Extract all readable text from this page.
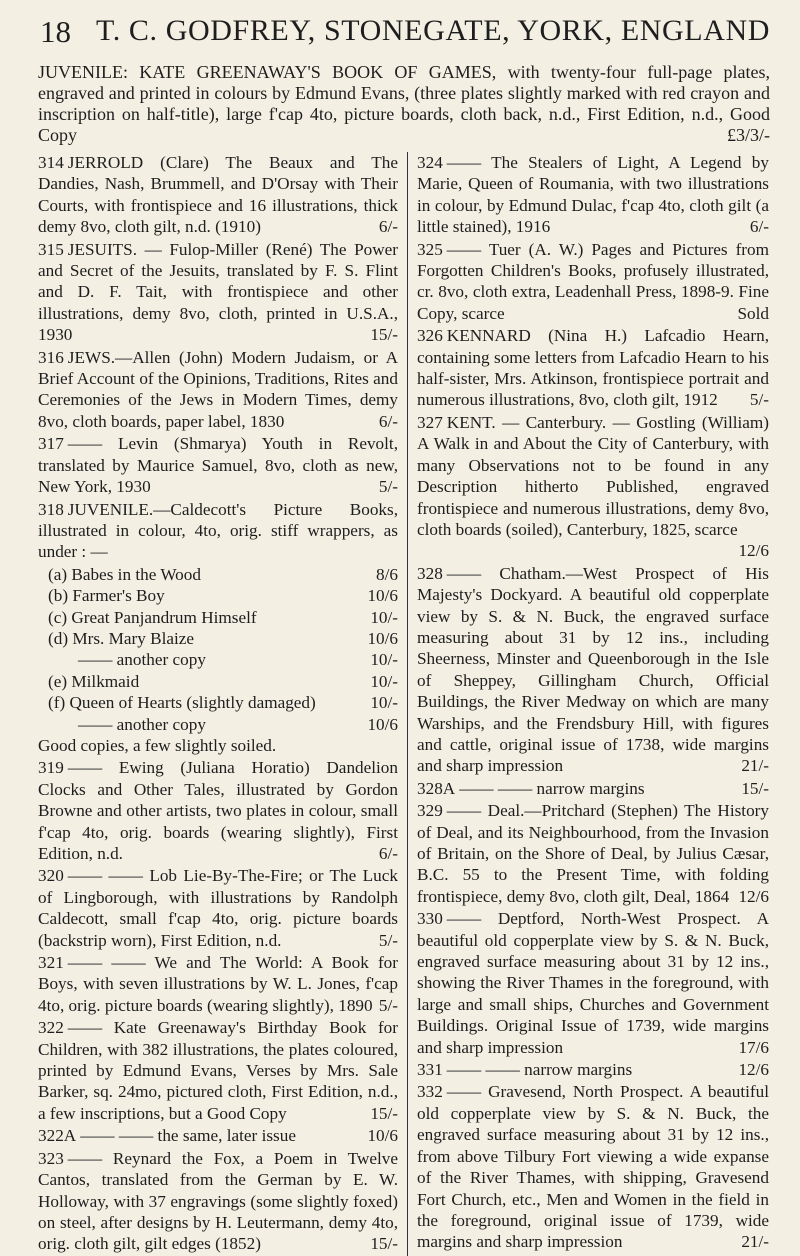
18 T. C. GODFREY, STONEGATE, YORK, ENGLAND
JUVENILE: KATE GREENAWAY'S BOOK OF GAMES, with twenty-four full-page plates, engraved and printed in colours by Edmund Evans, (three plates slightly marked with red crayon and inscription on half-title), large f'cap 4to, picture boards, cloth back, n.d., First Edition, n.d., Good Copy	£3/3/-
314 JERROLD (Clare) The Beaux and The Dandies, Nash, Brummell, and D'Orsay with Their Courts, with frontispiece and 16 illustrations, thick demy 8vo, cloth gilt, n.d. (1910)	6/-
315 JESUITS. — Fulop-Miller (René) The Power and Secret of the Jesuits, translated by F. S. Flint and D. F. Tait, with frontispiece and other illustrations, demy 8vo, cloth, printed in U.S.A., 1930	15/-
316 JEWS.—Allen (John) Modern Judaism, or A Brief Account of the Opinions, Traditions, Rites and Ceremonies of the Jews in Modern Times, demy 8vo, cloth boards, paper label, 1830	6/-
317 —— Levin (Shmarya) Youth in Revolt, translated by Maurice Samuel, 8vo, cloth as new, New York, 1930	5/-
318 JUVENILE.—Caldecott's Picture Books, illustrated in colour, 4to, orig. stiff wrappers, as under : —
(a) Babes in the Wood	8/6
(b) Farmer's Boy	10/6
(c) Great Panjandrum Himself	10/-
(d) Mrs. Mary Blaize	10/6
—— another copy	10/-
(e) Milkmaid	10/-
(f) Queen of Hearts (slightly damaged)	10/-
—— another copy	10/6
Good copies, a few slightly soiled.
319 —— Ewing (Juliana Horatio) Dandelion Clocks and Other Tales, illustrated by Gordon Browne and other artists, two plates in colour, small f'cap 4to, orig. boards (wearing slightly), First Edition, n.d.	6/-
320 —— —— Lob Lie-By-The-Fire; or The Luck of Lingborough, with illustrations by Randolph Caldecott, small f'cap 4to, orig. picture boards (backstrip worn), First Edition, n.d.	5/-
321 —— —— We and The World: A Book for Boys, with seven illustrations by W. L. Jones, f'cap 4to, orig. picture boards (wearing slightly), 1890 5/-
322 —— Kate Greenaway's Birthday Book for Children, with 382 illustrations, the plates coloured, printed by Edmund Evans, Verses by Mrs. Sale Barker, sq. 24mo, pictured cloth, First Edition, n.d., a few inscriptions, but a Good Copy	15/-
322A —— —— the same, later issue	10/6
323 —— Reynard the Fox, a Poem in Twelve Cantos, translated from the German by E. W. Holloway, with 37 engravings (some slightly foxed) on steel, after designs by H. Leutermann, demy 4to, orig. cloth gilt, gilt edges (1852)	15/-
324 —— The Stealers of Light, A Legend by Marie, Queen of Roumania, with two illustrations in colour, by Edmund Dulac, f'cap 4to, cloth gilt (a little stained), 1916	6/-
325 —— Tuer (A. W.) Pages and Pictures from Forgotten Children's Books, profusely illustrated, cr. 8vo, cloth extra, Leadenhall Press, 1898-9. Fine Copy, scarce	Sold
326 KENNARD (Nina H.) Lafcadio Hearn, containing some letters from Lafcadio Hearn to his half-sister, Mrs. Atkinson, frontispiece portrait and numerous illustrations, 8vo, cloth gilt, 1912 5/-
327 KENT. — Canterbury. — Gostling (William) A Walk in and About the City of Canterbury, with many Observations not to be found in any Description hitherto Published, engraved frontispiece and numerous illustrations, demy 8vo, cloth boards (soiled), Canterbury, 1825, scarce
12/6
328 —— Chatham.—West Prospect of His Majesty's Dockyard. A beautiful old copperplate view by S. & N. Buck, the engraved surface measuring about 31 by 12 ins., including Sheerness, Minster and Queenborough in the Isle of Sheppey, Gillingham Church, Official Buildings, the River Medway on which are many Warships, and the Frendsbury Hill, with figures and cattle, original issue of 1738, wide margins and sharp impression	21/-
328A —— —— narrow margins	15/-
329 —— Deal.—Pritchard (Stephen) The History of Deal, and its Neighbourhood, from the Invasion of Britain, on the Shore of Deal, by Julius Cæsar, B.C. 55 to the Present Time, with folding frontispiece, demy 8vo, cloth gilt, Deal, 1864 12/6
330 —— Deptford, North-West Prospect. A beautiful old copperplate view by S. & N. Buck, engraved surface measuring about 31 by 12 ins., showing the River Thames in the foreground, with large and small ships, Churches and Government Buildings. Original Issue of 1739, wide margins and sharp impression	17/6
331 —— —— narrow margins	12/6
332 —— Gravesend, North Prospect. A beautiful old copperplate view by S. & N. Buck, the engraved surface measuring about 31 by 12 ins., from above Tilbury Fort viewing a wide expanse of the River Thames, with shipping, Gravesend Fort Church, etc., Men and Women in the field in the foreground, original issue of 1739, wide margins and sharp impression	21/-
